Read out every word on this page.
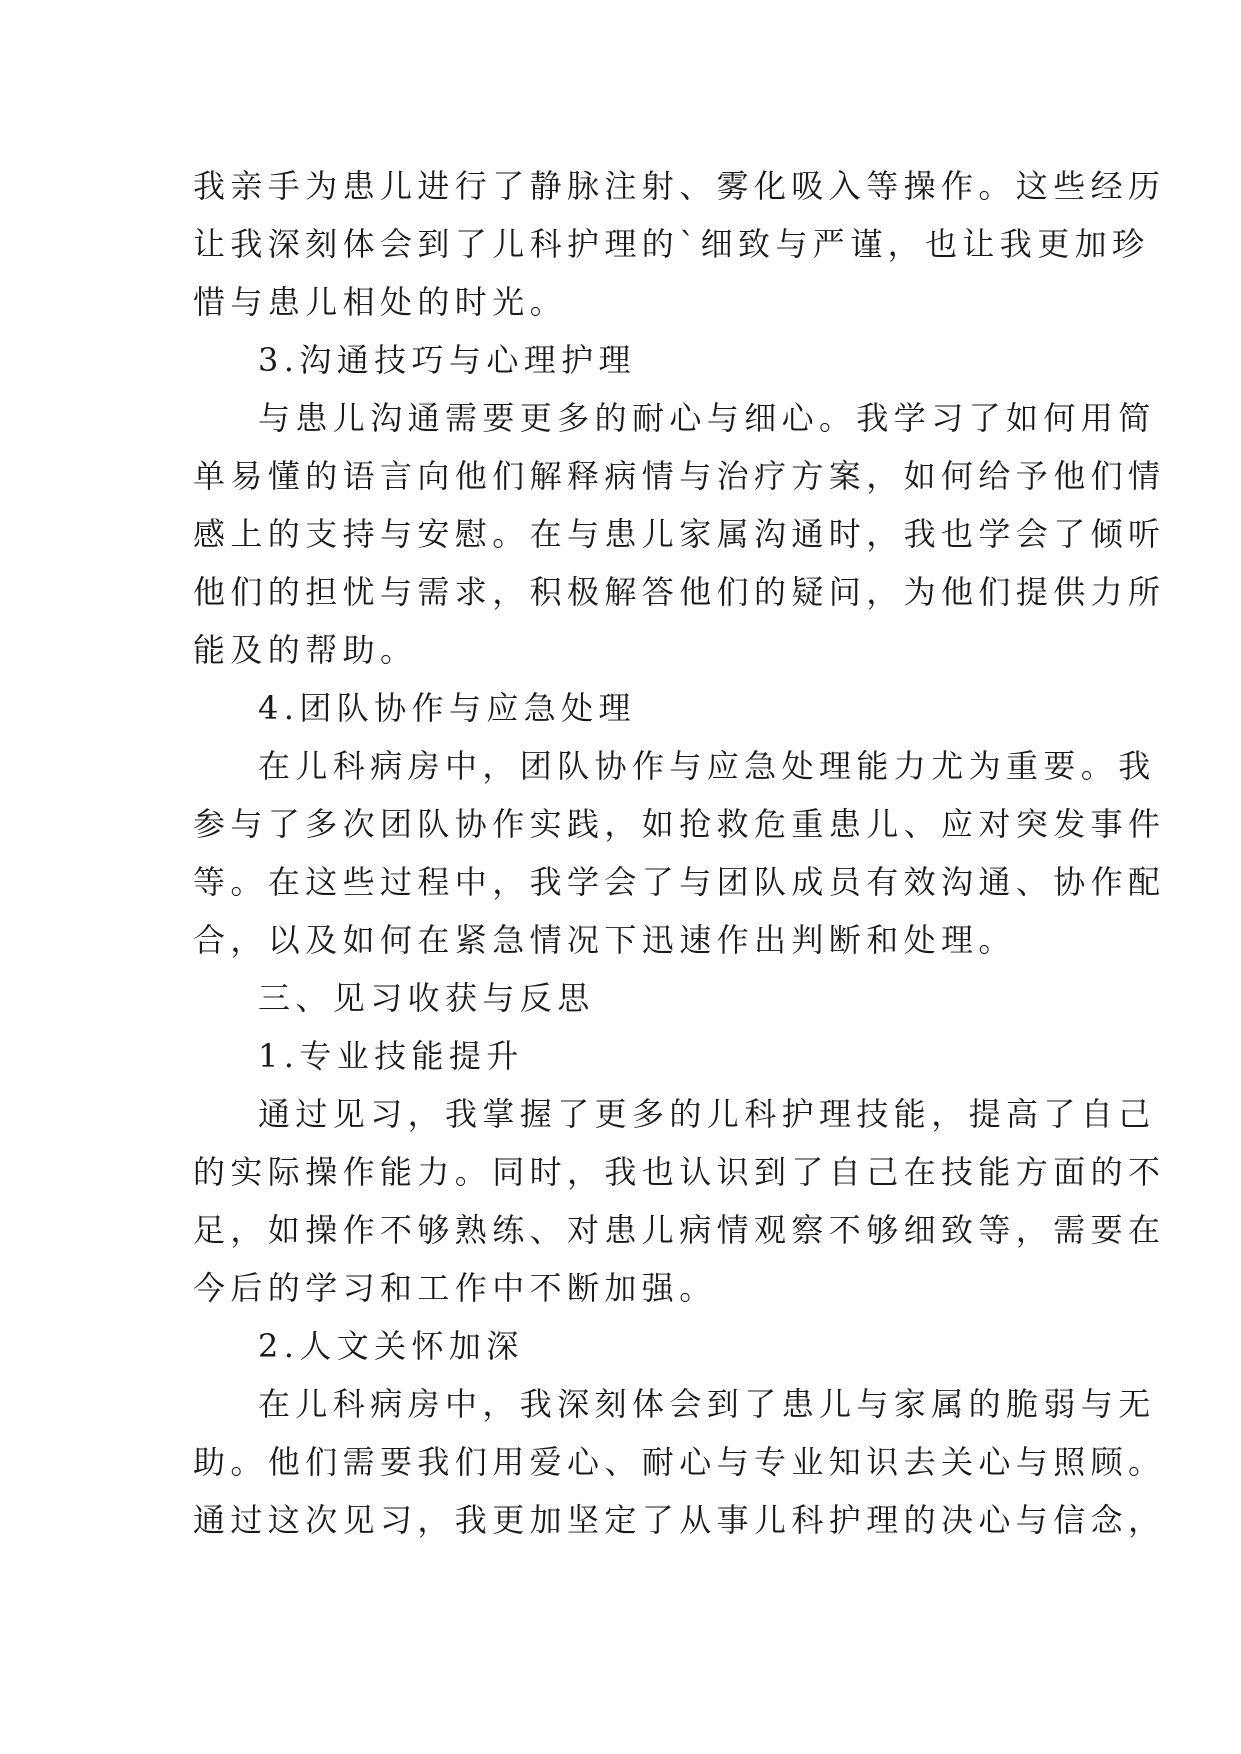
我亲手为患儿进行了静脉注射、雾化吸入等操作。这些经历
让我深刻体会到了儿科护理的`细致与严谨，也让我更加珍
惜与患儿相处的时光。
3.沟通技巧与心理护理
与患儿沟通需要更多的耐心与细心。我学习了如何用简
单易懂的语言向他们解释病情与治疗方案，如何给予他们情
感上的支持与安慰。在与患儿家属沟通时，我也学会了倾听
他们的担忧与需求，积极解答他们的疑问，为他们提供力所
能及的帮助。
4.团队协作与应急处理
在儿科病房中，团队协作与应急处理能力尤为重要。我
参与了多次团队协作实践，如抢救危重患儿、应对突发事件
等。在这些过程中，我学会了与团队成员有效沟通、协作配
合，以及如何在紧急情况下迅速作出判断和处理。
三、见习收获与反思
1.专业技能提升
通过见习，我掌握了更多的儿科护理技能，提高了自己
的实际操作能力。同时，我也认识到了自己在技能方面的不
足，如操作不够熟练、对患儿病情观察不够细致等，需要在
今后的学习和工作中不断加强。
2.人文关怀加深
在儿科病房中，我深刻体会到了患儿与家属的脆弱与无
助。他们需要我们用爱心、耐心与专业知识去关心与照顾。
通过这次见习，我更加坚定了从事儿科护理的决心与信念，
